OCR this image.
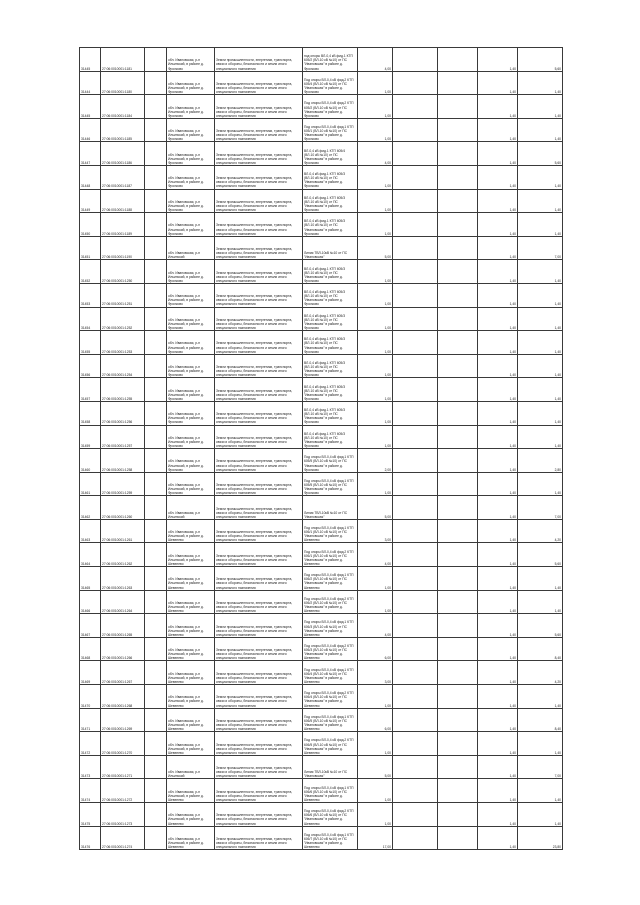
31445	27:06:0010001:1181		обл. Ивановская, р-н Ильинский, в районе д. Фролково	Земли промышленности, энергетики, транспорта, связи и обороны, безопасности и земли иного специального назначения	под опоры ВЛ-0,4 кВ фид.1 КТП 605/2 (ВЛ-10 кВ №10) от ПС "Ивановская" в районе д. Фролково	4,00			1,40	5,60
31444	27:06:0010001:1180		обл. Ивановская, р-н Ильинский, в районе д. Фролково	Земли промышленности, энергетики, транспорта, связи и обороны, безопасности и земли иного специального назначения	Под опоры ВЛ-0,4 кВ фид.2 КТП 605/4 (ВЛ-10 кВ №10) от ПС "Ивановская" в районе д. Фролково	1,00			1,40	1,40
31445	27:06:0010001:1184		обл. Ивановская, р-н Ильинский, в районе д. Фролково	Земли промышленности, энергетики, транспорта, связи и обороны, безопасности и земли иного специального назначения	Под опоры ВЛ-0,4 кВ фид.2 КТП 605/2 (ВЛ-10 кВ №10) от ПС "Ивановская" в районе д. Фролково	1,00			1,40	1,40
31446	27:06:0010001:1185		обл. Ивановская, р-н Ильинский, в районе д. Фролково	Земли промышленности, энергетики, транспорта, связи и обороны, безопасности и земли иного специального назначения	Под опоры ВЛ-0,4 кВ фид.1 КТП 605/1 (ВЛ-10 кВ №10) от ПС "Ивановская" в районе д. Фролково	1,00			1,40	1,40
31447	27:06:0010001:1186		обл. Ивановская, р-н Ильинский, в районе д. Фролково	Земли промышленности, энергетики, транспорта, связи и обороны, безопасности и земли иного специального назначения	ВЛ-0,4 кВ фид.1 КТП 605/4 (ВЛ-10 кВ №10) от ПС "Ивановская" в районе д. Фролково	4,00			1,40	5,60
31448	27:06:0010001:1187		обл. Ивановская, р-н Ильинский, в районе д. Фролково	Земли промышленности, энергетики, транспорта, связи и обороны, безопасности и земли иного специального назначения	ВЛ-0,4 кВ фид.1 КТП 605/3 (ВЛ-10 кВ №10) от ПС "Ивановская" в районе д. Фролково	1,00			1,40	1,40
31449	27:06:0010001:1188		обл. Ивановская, р-н Ильинский, в районе д. Фролково	Земли промышленности, энергетики, транспорта, связи и обороны, безопасности и земли иного специального назначения	ВЛ-0,4 кВ фид.1 КТП 605/3 (ВЛ-10 кВ №10) от ПС "Ивановская" в районе д. Фролково	1,00			1,40	1,40
31450	27:06:0010001:1189		обл. Ивановская, р-н Ильинский, в районе д. Фролково	Земли промышленности, энергетики, транспорта, связи и обороны, безопасности и земли иного специального назначения	ВЛ-0,4 кВ фид.1 КТП 605/3 (ВЛ-10 кВ №10) от ПС "Ивановская" в районе д. Фролково	1,00			1,40	1,40
31451	27:06:0010001:1190		обл. Ивановская, р-н Ильинский	Земли промышленности, энергетики, транспорта, связи и обороны, безопасности и земли иного специального назначения	Линия ТВЛ-10кВ №10 от ПС "Ивановская"	5,00			1,40	7,00
31452	27:06:0010001:1250		обл. Ивановская, р-н Ильинский, в районе д. Фролково	Земли промышленности, энергетики, транспорта, связи и обороны, безопасности и земли иного специального назначения	ВЛ-0,4 кВ фид.1 КТП 605/3 (ВЛ-10 кВ №10) от ПС "Ивановская" в районе д. Фролково	1,00			1,40	1,40
31453	27:06:0010001:1251		обл. Ивановская, р-н Ильинский, в районе д. Фролково	Земли промышленности, энергетики, транспорта, связи и обороны, безопасности и земли иного специального назначения	ВЛ-0,4 кВ фид.1 КТП 605/3 (ВЛ-10 кВ №10) от ПС "Ивановская" в районе д. Фролково	1,00			1,40	1,40
31454	27:06:0010001:1252		обл. Ивановская, р-н Ильинский, в районе д. Фролково	Земли промышленности, энергетики, транспорта, связи и обороны, безопасности и земли иного специального назначения	ВЛ-0,4 кВ фид.1 КТП 605/3 (ВЛ-10 кВ №10) от ПС "Ивановская" в районе д. Фролково	1,00			1,40	1,40
31455	27:06:0010001:1253		обл. Ивановская, р-н Ильинский, в районе д. Фролково	Земли промышленности, энергетики, транспорта, связи и обороны, безопасности и земли иного специального назначения	ВЛ-0,4 кВ фид.1 КТП 605/3 (ВЛ-10 кВ №10) от ПС "Ивановская" в районе д. Фролково	1,00			1,40	1,40
31456	27:06:0010001:1254		обл. Ивановская, р-н Ильинский, в районе д. Фролково	Земли промышленности, энергетики, транспорта, связи и обороны, безопасности и земли иного специального назначения	ВЛ-0,4 кВ фид.1 КТП 605/3 (ВЛ-10 кВ №10) от ПС "Ивановская" в районе д. Фролково	1,00			1,40	1,40
31457	27:06:0010001:1255		обл. Ивановская, р-н Ильинский, в районе д. Фролково	Земли промышленности, энергетики, транспорта, связи и обороны, безопасности и земли иного специального назначения	ВЛ-0,4 кВ фид.1 КТП 605/3 (ВЛ-10 кВ №10) от ПС "Ивановская" в районе д. Фролково	1,00			1,40	1,40
31458	27:06:0010001:1256		обл. Ивановская, р-н Ильинский, в районе д. Фролково	Земли промышленности, энергетики, транспорта, связи и обороны, безопасности и земли иного специального назначения	ВЛ-0,4 кВ фид.1 КТП 605/3 (ВЛ-10 кВ №10) от ПС "Ивановская" в районе д. Фролково	1,00			1,40	1,40
31459	27:06:0010001:1257		обл. Ивановская, р-н Ильинский, в районе д. Фролково	Земли промышленности, энергетики, транспорта, связи и обороны, безопасности и земли иного специального назначения	ВЛ-0,4 кВ фид.1 КТП 605/3 (ВЛ-10 кВ №10) от ПС "Ивановская" в районе д. Фролково	1,00			1,40	1,40
31460	27:06:0010001:1258		обл. Ивановская, р-н Ильинский, в районе д. Фролково	Земли промышленности, энергетики, транспорта, связи и обороны, безопасности и земли иного специального назначения	Под опоры ВЛ-0,4 кВ фид.1 КТП 605/5 (ВЛ-10 кВ №10) от ПС "Ивановская" в районе д. Фролково	2,00			1,40	2,80
31461	27:06:0010001:1259		обл. Ивановская, р-н Ильинский, в районе д. Фролково	Земли промышленности, энергетики, транспорта, связи и обороны, безопасности и земли иного специального назначения	Под опоры ВЛ-0,4 кВ фид.1 КТП 605/5 (ВЛ-10 кВ №10) от ПС "Ивановская" в районе д. Фролково	1,00			1,40	1,40
31462	27:06:0010001:1260		обл. Ивановская, р-н Ильинский	Земли промышленности, энергетики, транспорта, связи и обороны, безопасности и земли иного специального назначения	Линия ТВЛ-10кВ №10 от ПС "Ивановская"	5,00			1,40	7,00
31463	27:06:0010001:1261		обл. Ивановская, р-н Ильинский, в районе д. Шевелево	Земли промышленности, энергетики, транспорта, связи и обороны, безопасности и земли иного специального назначения	Под опоры ВЛ-0,4 кВ фид.1 КТП 606/1 (ВЛ-10 кВ №10) от ПС "Ивановская" в районе д. Шевелево	3,00			1,40	4,20
31464	27:06:0010001:1262		обл. Ивановская, р-н Ильинский, в районе д. Шевелево	Земли промышленности, энергетики, транспорта, связи и обороны, безопасности и земли иного специального назначения	Под опоры ВЛ-0,4 кВ фид.2 КТП 606/1 (ВЛ-10 кВ №10) от ПС "Ивановская" в районе д. Шевелево	4,00			1,40	5,60
31465	27:06:0010001:1263		обл. Ивановская, р-н Ильинский, в районе д. Шевелево	Земли промышленности, энергетики, транспорта, связи и обороны, безопасности и земли иного специального назначения	Под опоры ВЛ-0,4 кВ фид.1 КТП 606/2 (ВЛ-10 кВ №10) от ПС "Ивановская" в районе д. Шевелево	1,00			1,40	1,40
31466	27:06:0010001:1264		обл. Ивановская, р-н Ильинский, в районе д. Шевелево	Земли промышленности, энергетики, транспорта, связи и обороны, безопасности и земли иного специального назначения	Под опоры ВЛ-0,4 кВ фид.2 КТП 606/2 (ВЛ-10 кВ №10) от ПС "Ивановская" в районе д. Шевелево	1,00			1,40	1,40
31467	27:06:0010001:1265		обл. Ивановская, р-н Ильинский, в районе д. Шевелево	Земли промышленности, энергетики, транспорта, связи и обороны, безопасности и земли иного специального назначения	Под опоры ВЛ-0,4 кВ фид.1 КТП 606/3 (ВЛ-10 кВ №10) от ПС "Ивановская" в районе д. Шевелево	4,00			1,40	5,60
31468	27:06:0010001:1266		обл. Ивановская, р-н Ильинский, в районе д. Шевелево	Земли промышленности, энергетики, транспорта, связи и обороны, безопасности и земли иного специального назначения	Под опоры ВЛ-0,4 кВ фид.2 КТП 606/3 (ВЛ-10 кВ №10) от ПС "Ивановская" в районе д. Шевелево	6,00			1,40	8,40
31469	27:06:0010001:1267		обл. Ивановская, р-н Ильинский, в районе д. Шевелево	Земли промышленности, энергетики, транспорта, связи и обороны, безопасности и земли иного специального назначения	Под опоры ВЛ-0,4 кВ фид.1 КТП 606/4 (ВЛ-10 кВ №10) от ПС "Ивановская" в районе д. Шевелево	3,00			1,40	4,20
31470	27:06:0010001:1268		обл. Ивановская, р-н Ильинский, в районе д. Шевелево	Земли промышленности, энергетики, транспорта, связи и обороны, безопасности и земли иного специального назначения	Под опоры ВЛ-0,4 кВ фид.2 КТП 606/4 (ВЛ-10 кВ №10) от ПС "Ивановская" в районе д. Шевелево	1,00			1,40	1,40
31471	27:06:0010001:1269		обл. Ивановская, р-н Ильинский, в районе д. Шевелево	Земли промышленности, энергетики, транспорта, связи и обороны, безопасности и земли иного специального назначения	Под опоры ВЛ-0,4 кВ фид.1 КТП 606/5 (ВЛ-10 кВ №10) от ПС "Ивановская" в районе д. Шевелево	6,00			1,40	8,40
31472	27:06:0010001:1270		обл. Ивановская, р-н Ильинский, в районе д. Шевелево	Земли промышленности, энергетики, транспорта, связи и обороны, безопасности и земли иного специального назначения	Под опоры ВЛ-0,4 кВ фид.2 КТП 606/5 (ВЛ-10 кВ №10) от ПС "Ивановская" в районе д. Шевелево	1,00			1,40	1,40
31473	27:06:0010001:1271		обл. Ивановская, р-н Ильинский	Земли промышленности, энергетики, транспорта, связи и обороны, безопасности и земли иного специального назначения	Линия ТВЛ-10кВ №10 от ПС "Ивановская"	5,00			1,40	7,00
31474	27:06:0010001:1272		обл. Ивановская, р-н Ильинский, в районе д. Шевелево	Земли промышленности, энергетики, транспорта, связи и обороны, безопасности и земли иного специального назначения	Под опоры ВЛ-0,4 кВ фид.1 КТП 606/6 (ВЛ-10 кВ №10) от ПС "Ивановская" в районе д. Шевелево	1,00			1,40	1,40
31475	27:06:0010001:1273		обл. Ивановская, р-н Ильинский, в районе д. Шевелево	Земли промышленности, энергетики, транспорта, связи и обороны, безопасности и земли иного специального назначения	Под опоры ВЛ-0,4 кВ фид.2 КТП 606/6 (ВЛ-10 кВ №10) от ПС "Ивановская" в районе д. Шевелево	1,00			1,40	1,40
31476	27:06:0010001:1274		обл. Ивановская, р-н Ильинский, в районе д. Шевелево	Земли промышленности, энергетики, транспорта, связи и обороны, безопасности и земли иного специального назначения	Под опоры ВЛ-0,4 кВ фид.1 КТП 606/7 (ВЛ-10 кВ №10) от ПС "Ивановская" в районе д. Шевелево	17,00			1,40	23,80
